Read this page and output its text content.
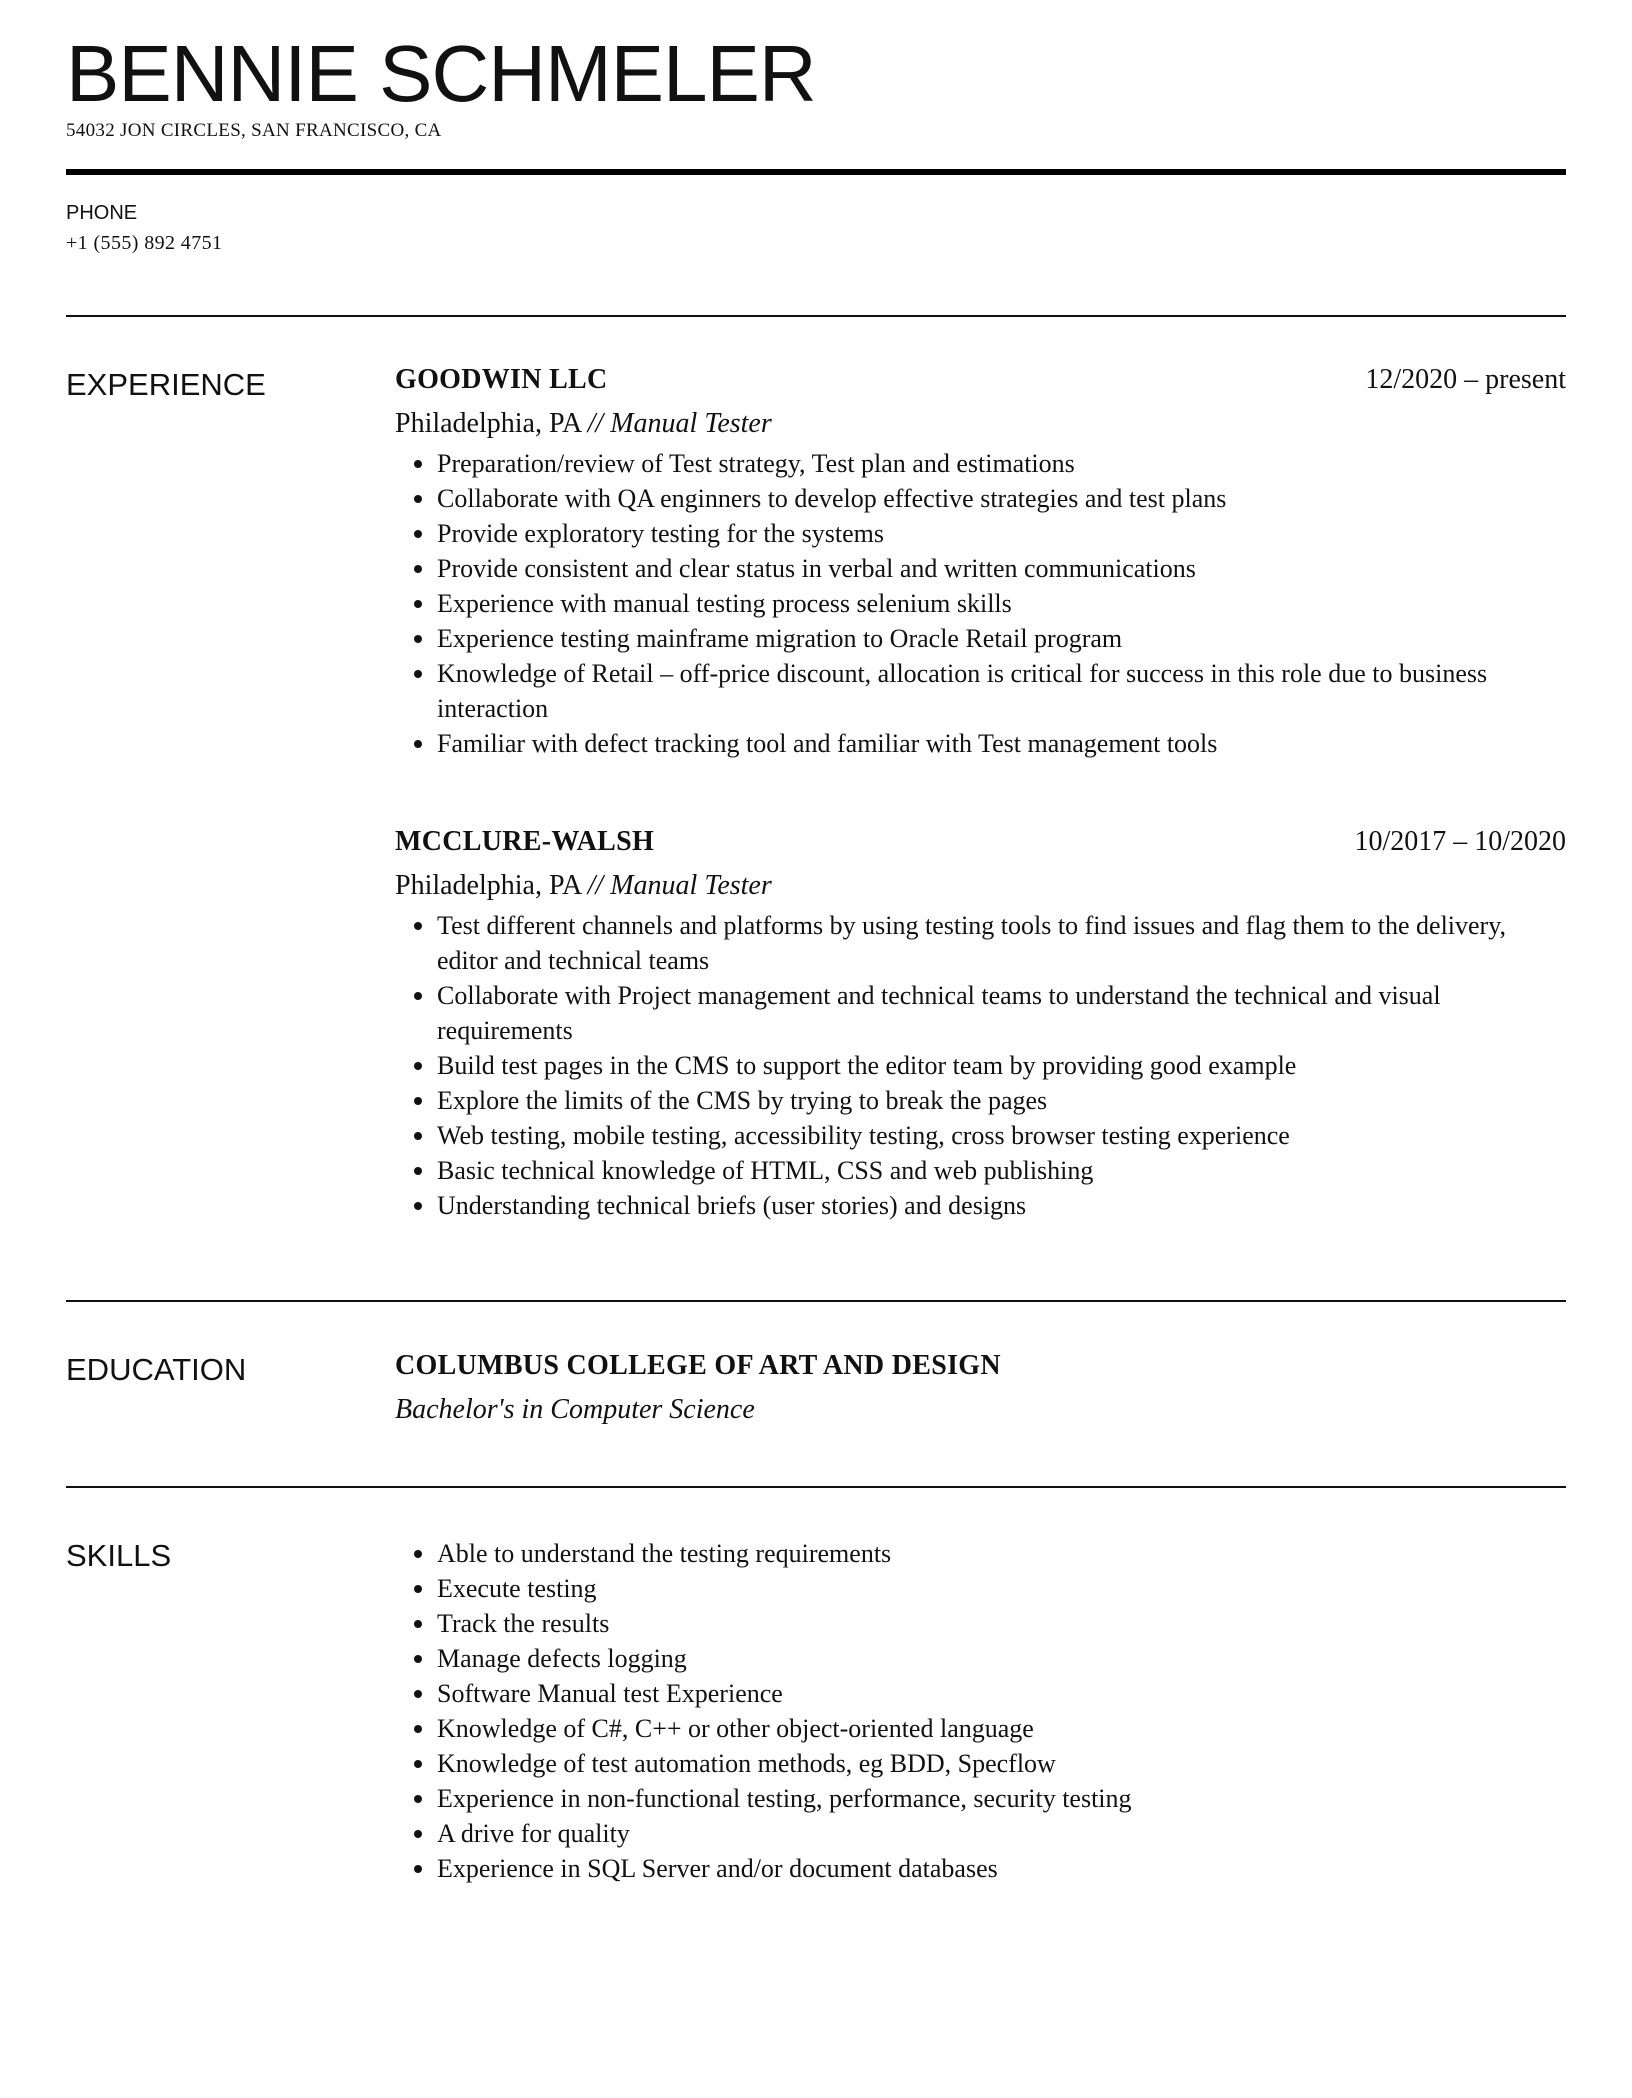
BENNIE SCHMELER
54032 JON CIRCLES, SAN FRANCISCO, CA
PHONE
+1 (555) 892 4751
EXPERIENCE	GOODWIN LLC	12/2020 – present
Philadelphia, PA // Manual Tester
Preparation/review of Test strategy, Test plan and estimations
Collaborate with QA enginners to develop effective strategies and test plans
Provide exploratory testing for the systems
Provide consistent and clear status in verbal and written communications
Experience with manual testing process selenium skills
Experience testing mainframe migration to Oracle Retail program
Knowledge of Retail – off-price discount, allocation is critical for success in this role due to business interaction
Familiar with defect tracking tool and familiar with Test management tools
MCCLURE-WALSH	10/2017 – 10/2020
Philadelphia, PA // Manual Tester
Test different channels and platforms by using testing tools to find issues and flag them to the delivery, editor and technical teams
Collaborate with Project management and technical teams to understand the technical and visual requirements
Build test pages in the CMS to support the editor team by providing good example
Explore the limits of the CMS by trying to break the pages
Web testing, mobile testing, accessibility testing, cross browser testing experience
Basic technical knowledge of HTML, CSS and web publishing
Understanding technical briefs (user stories) and designs
EDUCATION	COLUMBUS COLLEGE OF ART AND DESIGN
Bachelor's in Computer Science
SKILLS	Able to understand the testing requirements
Execute testing
Track the results
Manage defects logging
Software Manual test Experience
Knowledge of C#, C++ or other object-oriented language
Knowledge of test automation methods, eg BDD, Specflow
Experience in non-functional testing, performance, security testing
A drive for quality
Experience in SQL Server and/or document databases
